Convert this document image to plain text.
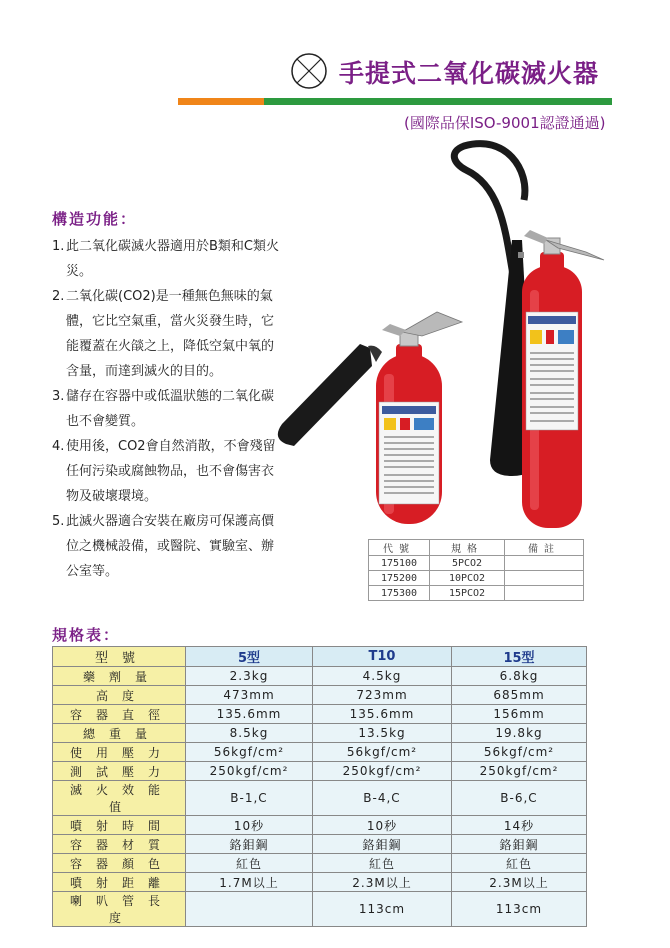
手提式二氧化碳滅火器
(國際品保ISO-9001認證通過)
構造功能：
1. 此二氧化碳滅火器適用於B類和C類火災。
2. 二氧化碳(CO2)是一種無色無味的氣體，它比空氣重，當火災發生時，它能覆蓋在火燄之上，降低空氣中氧的含量，而達到滅火的目的。
3. 儲存在容器中或低溫狀態的二氧化碳也不會變質。
4. 使用後，CO2會自然消散，不會殘留任何污染或腐蝕物品，也不會傷害衣物及破壞環境。
5. 此滅火器適合安裝在廠房可保護高價位之機械設備，或醫院、實驗室、辦公室等。
代號	規格	備註
175100	5PCO2	
175200	10PCO2	
175300	15PCO2	
規格表：
型號	5型	T10	15型
藥劑量	2.3kg	4.5kg	6.8kg
高度	473mm	723mm	685mm
容器直徑	135.6mm	135.6mm	156mm
總重量	8.5kg	13.5kg	19.8kg
使用壓力	56kgf/cm²	56kgf/cm²	56kgf/cm²
測試壓力	250kgf/cm²	250kgf/cm²	250kgf/cm²
滅火效能值	B-1,C	B-4,C	B-6,C
噴射時間	10秒	10秒	14秒
容器材質	鉻鉬鋼	鉻鉬鋼	鉻鉬鋼
容器顏色	紅色	紅色	紅色
噴射距離	1.7M以上	2.3M以上	2.3M以上
喇叭管長度		113cm	113cm
